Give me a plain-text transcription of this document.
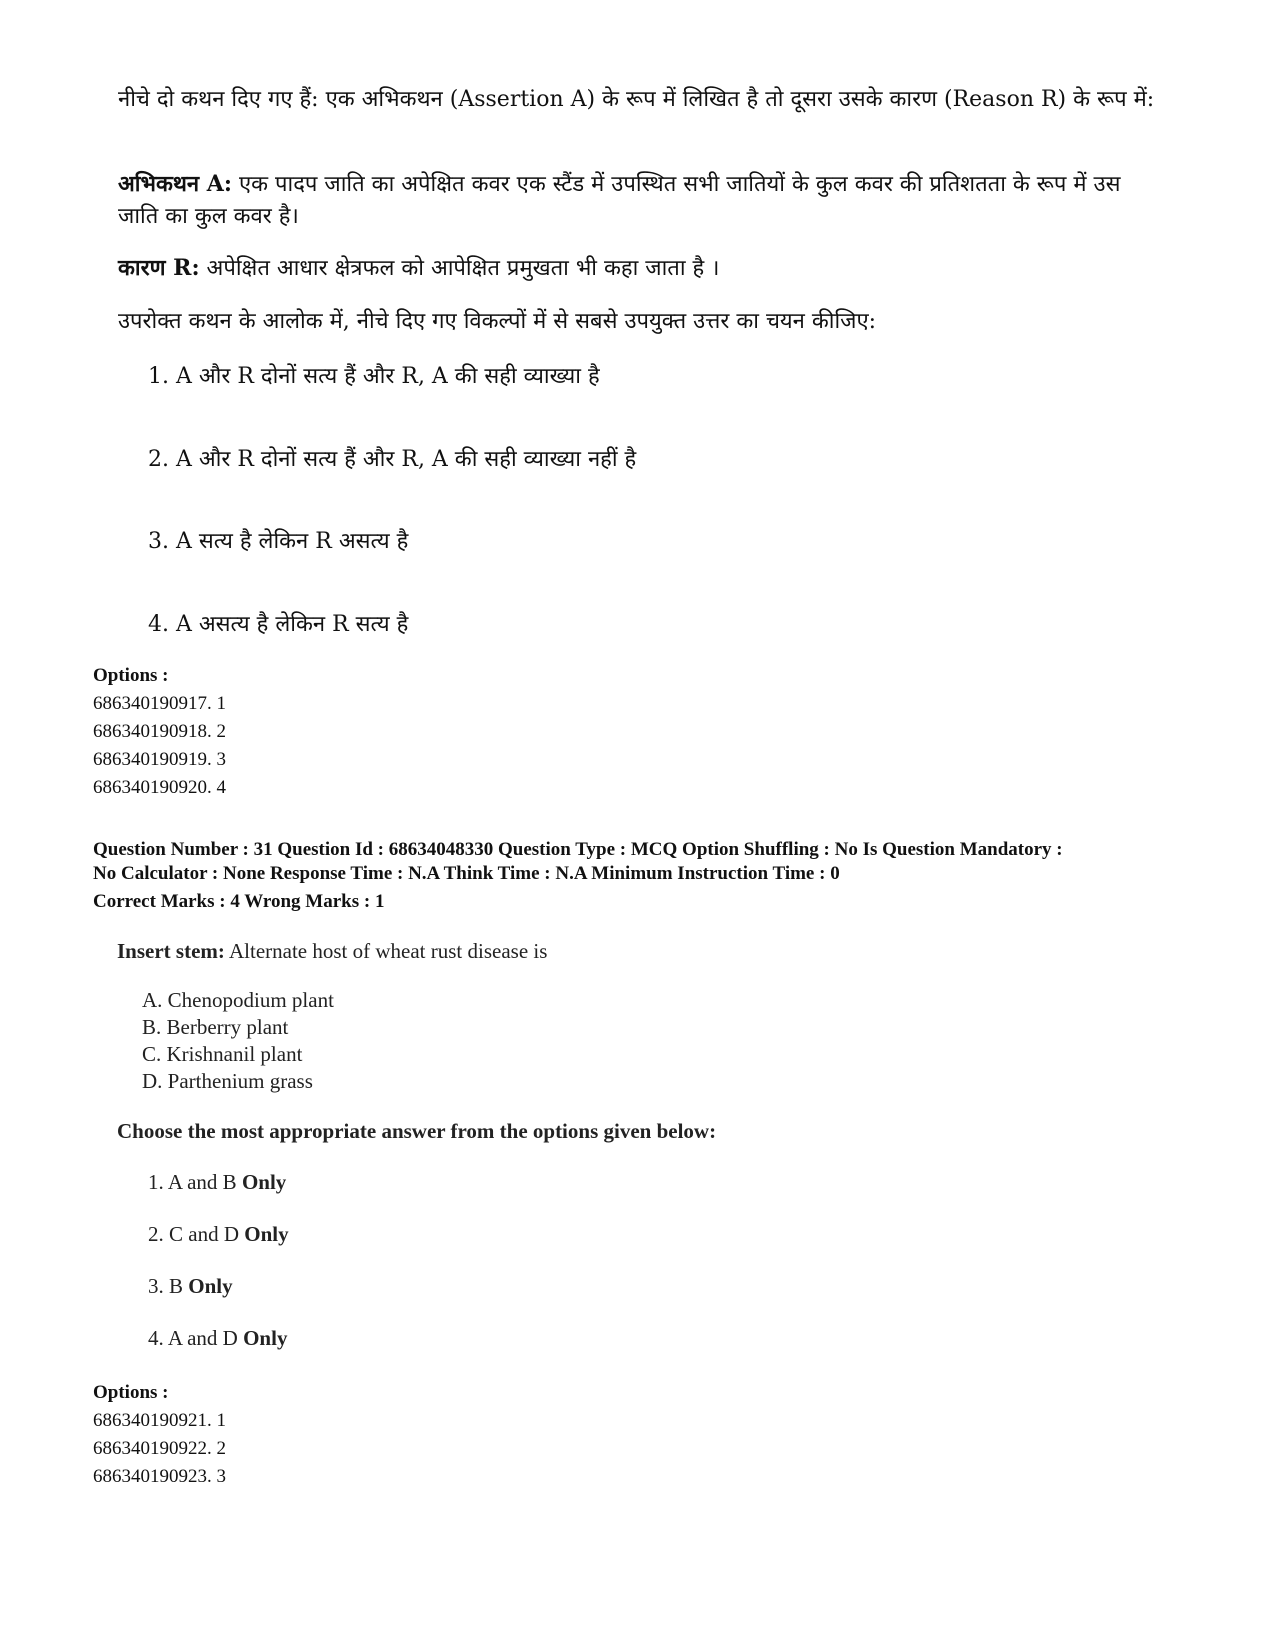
नीचे दो कथन दिए गए हैं: एक अभिकथन (Assertion A) के रूप में लिखित है तो दूसरा उसके कारण (Reason R) के रूप में:
अभिकथन A: एक पादप जाति का अपेक्षित कवर एक स्टैंड में उपस्थित सभी जातियों के कुल कवर की प्रतिशतता के रूप में उस जाति का कुल कवर है।
कारण R: अपेक्षित आधार क्षेत्रफल को आपेक्षित प्रमुखता भी कहा जाता है ।
उपरोक्त कथन के आलोक में, नीचे दिए गए विकल्पों में से सबसे उपयुक्त उत्तर का चयन कीजिए:
1. A और R दोनों सत्य हैं और R, A की सही व्याख्या है
2. A और R दोनों सत्य हैं और R, A की सही व्याख्या नहीं है
3. A सत्य है लेकिन R असत्य है
4. A असत्य है लेकिन R सत्य है
Options :
686340190917. 1
686340190918. 2
686340190919. 3
686340190920. 4
Question Number : 31 Question Id : 68634048330 Question Type : MCQ Option Shuffling : No Is Question Mandatory :
No Calculator : None Response Time : N.A Think Time : N.A Minimum Instruction Time : 0
Correct Marks : 4 Wrong Marks : 1
Insert stem: Alternate host of wheat rust disease is
A. Chenopodium plant
B. Berberry plant
C. Krishnanil plant
D. Parthenium grass
Choose the most appropriate answer from the options given below:
1. A and B Only
2. C and D Only
3. B Only
4. A and D Only
Options :
686340190921. 1
686340190922. 2
686340190923. 3
